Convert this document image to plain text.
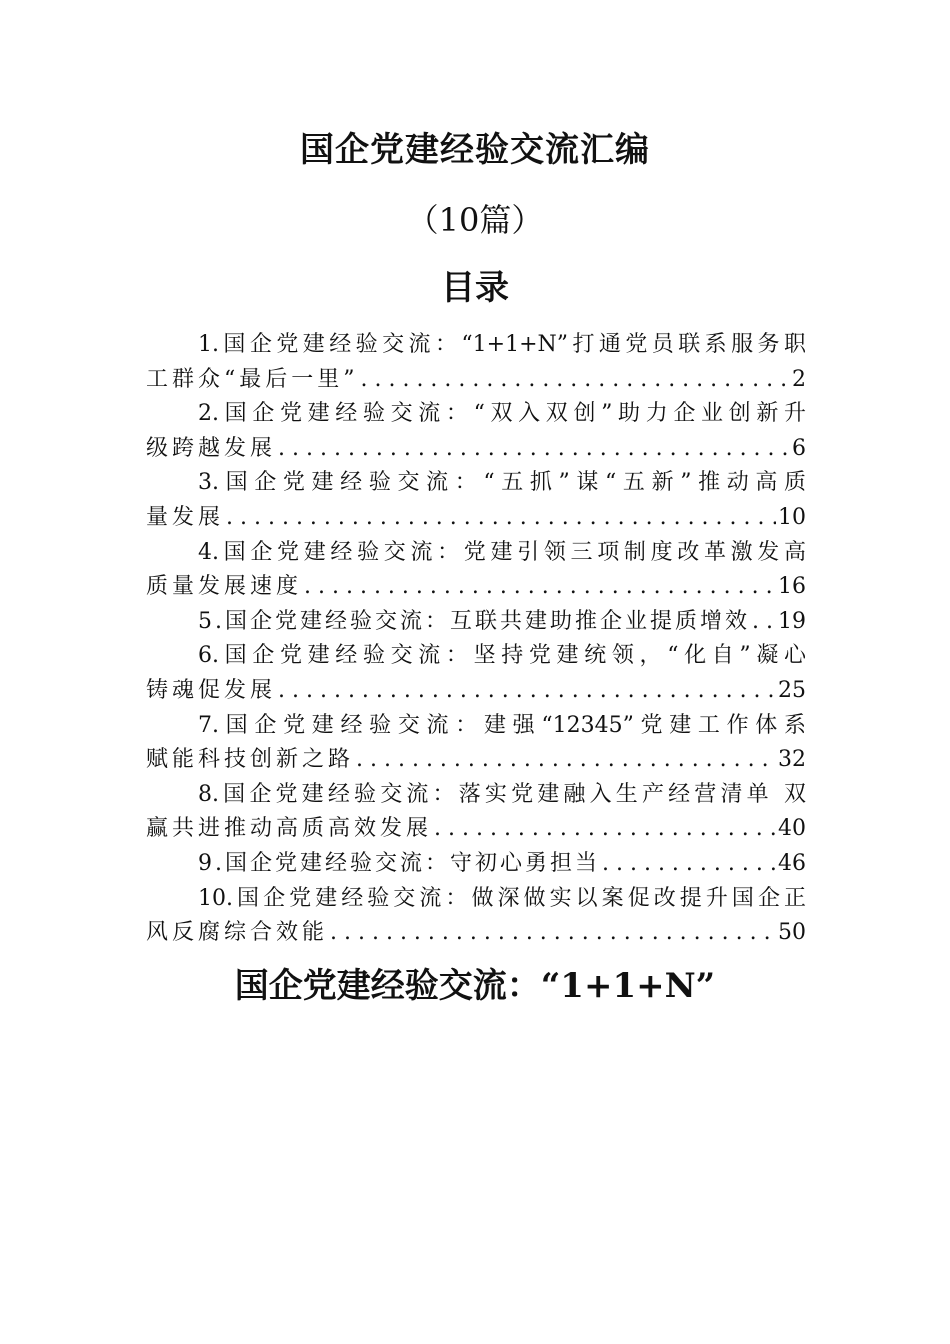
国企党建经验交流汇编
（10篇）
目录
1.国企党建经验交流：“1+1+N”打通党员联系服务职
工群众“最后一里” . . .	2
2.国企党建经验交流：“双入双创”助力企业创新升
级跨越发展 . . .	6
3.国企党建经验交流：“五抓”谋“五新”推动高质
量发展 . . .	10
4.国企党建经验交流：党建引领三项制度改革激发高
质量发展速度 . . .	16
5.国企党建经验交流：互联共建助推企业提质增效 . . . 19
6.国企党建经验交流：坚持党建统领，“化自”凝心
铸魂促发展 . . .	25
7.国企党建经验交流：建强“12345”党建工作体系
赋能科技创新之路 . . .	32
8.国企党建经验交流：落实党建融入生产经营清单 双
赢共进推动高质高效发展 . . .	40
9.国企党建经验交流：守初心勇担当 . . .	46
10.国企党建经验交流：做深做实以案促改提升国企正
风反腐综合效能 . . .	50
国企党建经验交流：“1+1+N”
